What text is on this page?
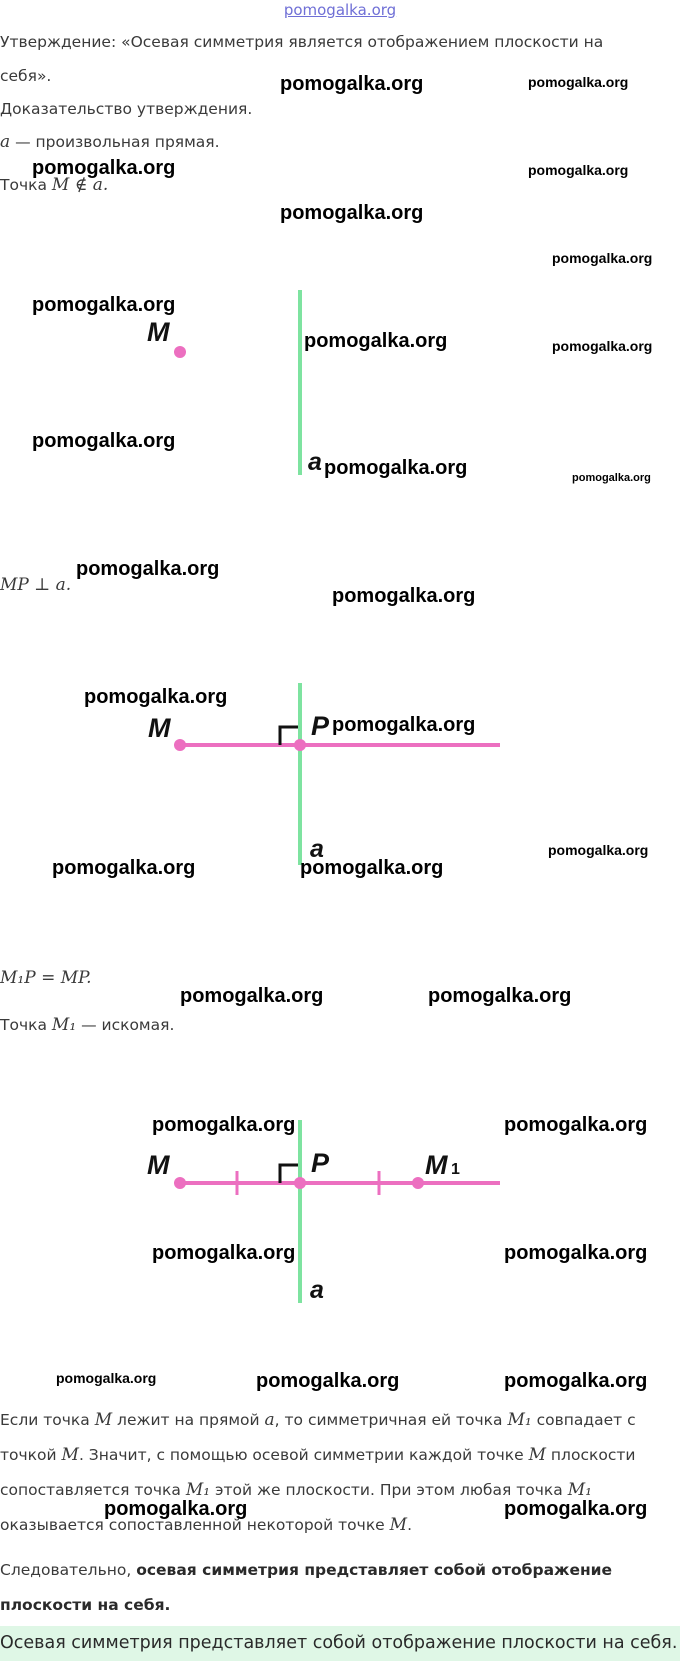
pomogalka.org
Утверждение: «Осевая симметрия является отображением плоскости на
себя».
Доказательство утверждения.
a — произвольная прямая.
Точка M ∉ a.
M
a
MP ⊥ a.
M	P
a
M₁P = MP.
Точка M₁ — искомая.
M	P	M 1
a
Если точка M лежит на прямой a, то симметричная ей точка M₁ совпадает с
точкой M. Значит, с помощью осевой симметрии каждой точке M плоскости
сопоставляется точка M₁ этой же плоскости. При этом любая точка M₁
оказывается сопоставленной некоторой точке M.
Следовательно, осевая симметрия представляет собой отображение
плоскости на себя.
Осевая симметрия представляет собой отображение плоскости на себя.
pomogalka.org	pomogalka.org
pomogalka.org	pomogalka.org
pomogalka.org
pomogalka.org
pomogalka.org
pomogalka.org	pomogalka.org
pomogalka.org
pomogalka.org	pomogalka.org
pomogalka.org
pomogalka.org
pomogalka.org
pomogalka.org
pomogalka.org
pomogalka.org	pomogalka.org
pomogalka.org	pomogalka.org
pomogalka.org	pomogalka.org
pomogalka.org	pomogalka.org
pomogalka.org	pomogalka.org	pomogalka.org
pomogalka.org	pomogalka.org
